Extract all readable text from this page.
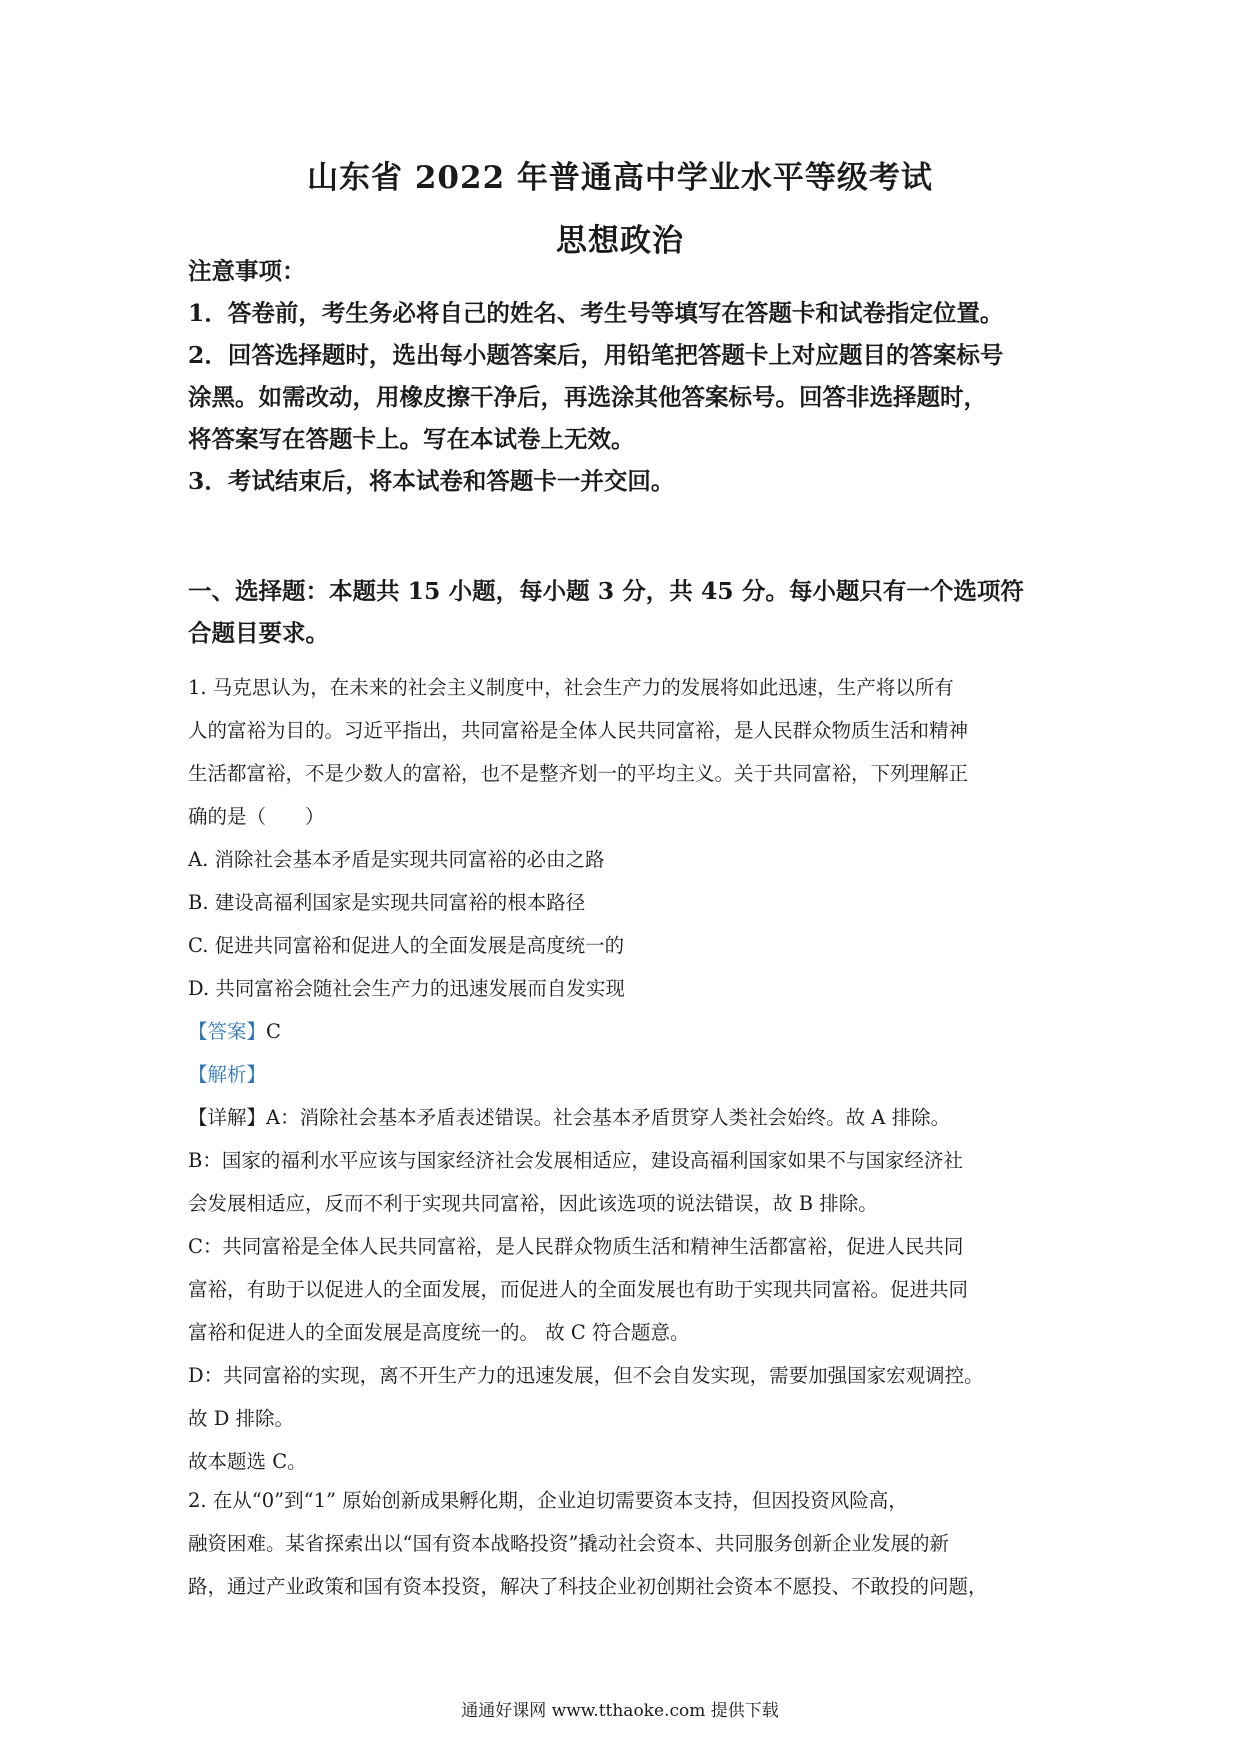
山东省 2022 年普通高中学业水平等级考试
思想政治
注意事项：
1．答卷前，考生务必将自己的姓名、考生号等填写在答题卡和试卷指定位置。
2．回答选择题时，选出每小题答案后，用铅笔把答题卡上对应题目的答案标号
涂黑。如需改动，用橡皮擦干净后，再选涂其他答案标号。回答非选择题时，
将答案写在答题卡上。写在本试卷上无效。
3．考试结束后，将本试卷和答题卡一并交回。
一、选择题：本题共 15 小题，每小题 3 分，共 45 分。每小题只有一个选项符
合题目要求。
1. 马克思认为，在未来的社会主义制度中，社会生产力的发展将如此迅速，生产将以所有
人的富裕为目的。习近平指出，共同富裕是全体人民共同富裕，是人民群众物质生活和精神
生活都富裕，不是少数人的富裕，也不是整齐划一的平均主义。关于共同富裕，下列理解正
确的是（　　）
A. 消除社会基本矛盾是实现共同富裕的必由之路
B. 建设高福利国家是实现共同富裕的根本路径
C. 促进共同富裕和促进人的全面发展是高度统一的
D. 共同富裕会随社会生产力的迅速发展而自发实现
【答案】C
【解析】
【详解】A：消除社会基本矛盾表述错误。社会基本矛盾贯穿人类社会始终。故 A 排除。
B：国家的福利水平应该与国家经济社会发展相适应，建设高福利国家如果不与国家经济社
会发展相适应，反而不利于实现共同富裕，因此该选项的说法错误，故 B 排除。
C：共同富裕是全体人民共同富裕，是人民群众物质生活和精神生活都富裕，促进人民共同
富裕，有助于以促进人的全面发展，而促进人的全面发展也有助于实现共同富裕。促进共同
富裕和促进人的全面发展是高度统一的。 故 C 符合题意。
D：共同富裕的实现，离不开生产力的迅速发展，但不会自发实现，需要加强国家宏观调控。
故 D 排除。
故本题选 C。
2. 在从“0”到“1” 原始创新成果孵化期，企业迫切需要资本支持，但因投资风险高，
融资困难。某省探索出以“国有资本战略投资”撬动社会资本、共同服务创新企业发展的新
路，通过产业政策和国有资本投资，解决了科技企业初创期社会资本不愿投、不敢投的问题，
通通好课网 www.tthaoke.com 提供下载
